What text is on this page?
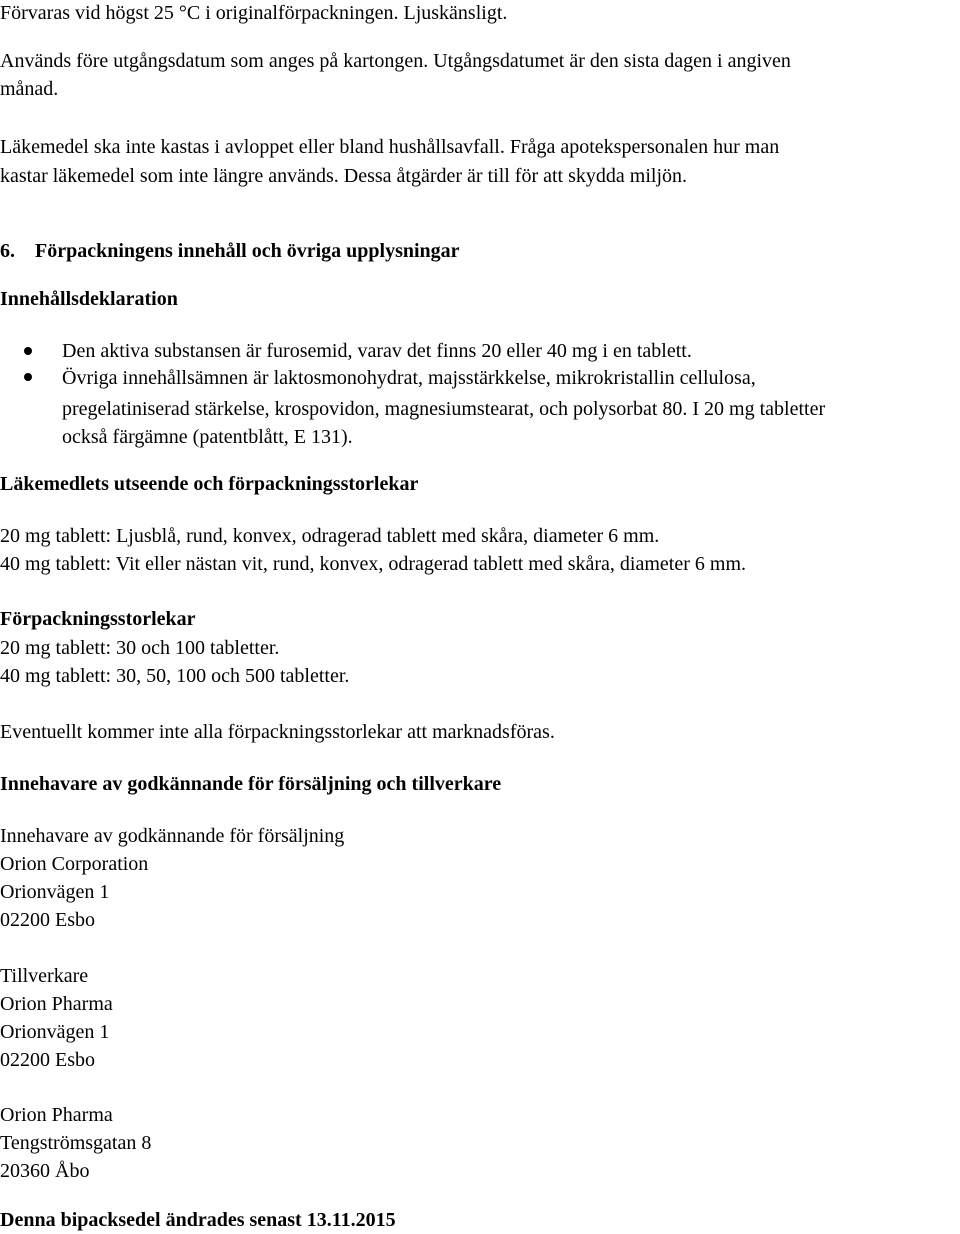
Förvaras vid högst 25 °C i originalförpackningen. Ljuskänsligt.
Används före utgångsdatum som anges på kartongen. Utgångsdatumet är den sista dagen i angiven
månad.
Läkemedel ska inte kastas i avloppet eller bland hushållsavfall. Fråga apotekspersonalen hur man
kastar läkemedel som inte längre används. Dessa åtgärder är till för att skydda miljön.
6.    Förpackningens innehåll och övriga upplysningar
Innehållsdeklaration
Den aktiva substansen är furosemid, varav det finns 20 eller 40 mg i en tablett.
Övriga innehållsämnen är laktosmonohydrat, majsstärkkelse, mikrokristallin cellulosa,
pregelatiniserad stärkelse, krospovidon, magnesiumstearat, och polysorbat 80. I 20 mg tabletter
också färgämne (patentblått, E 131).
Läkemedlets utseende och förpackningsstorlekar
20 mg tablett: Ljusblå, rund, konvex, odragerad tablett med skåra, diameter 6 mm.
40 mg tablett: Vit eller nästan vit, rund, konvex, odragerad tablett med skåra, diameter 6 mm.
Förpackningsstorlekar
20 mg tablett: 30 och 100 tabletter.
40 mg tablett: 30, 50, 100 och 500 tabletter.
Eventuellt kommer inte alla förpackningsstorlekar att marknadsföras.
Innehavare av godkännande för försäljning och tillverkare
Innehavare av godkännande för försäljning
Orion Corporation
Orionvägen 1
02200 Esbo
Tillverkare
Orion Pharma
Orionvägen 1
02200 Esbo
Orion Pharma
Tengströmsgatan 8
20360 Åbo
Denna bipacksedel ändrades senast 13.11.2015
